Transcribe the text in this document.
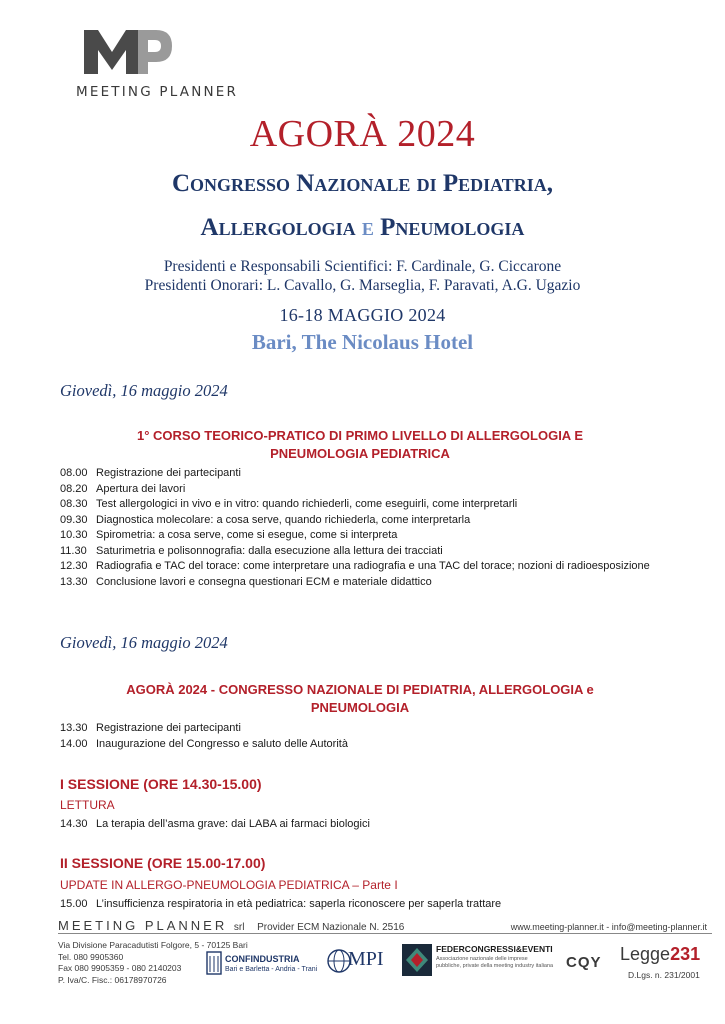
MEETING PLANNER
AGORÀ 2024
Congresso Nazionale di Pediatria,
Allergologia e Pneumologia
Presidenti e Responsabili Scientifici: F. Cardinale, G. Ciccarone
Presidenti Onorari: L. Cavallo, G. Marseglia, F. Paravati, A.G. Ugazio
16-18 MAGGIO 2024
Bari, The Nicolaus Hotel
Giovedì, 16 maggio 2024
1° CORSO TEORICO-PRATICO DI PRIMO LIVELLO DI ALLERGOLOGIA E
PNEUMOLOGIA PEDIATRICA
08.00 Registrazione dei partecipanti
08.20 Apertura dei lavori
08.30 Test allergologici in vivo e in vitro: quando richiederli, come eseguirli, come interpretarli
09.30 Diagnostica molecolare: a cosa serve, quando richiederla, come interpretarla
10.30 Spirometria: a cosa serve, come si esegue, come si interpreta
11.30 Saturimetria e polisonnografia: dalla esecuzione alla lettura dei tracciati
12.30 Radiografia e TAC del torace: come interpretare una radiografia e una TAC del torace; nozioni di radioesposizione
13.30 Conclusione lavori e consegna questionari ECM e materiale didattico
Giovedì, 16 maggio 2024
AGORÀ 2024 - CONGRESSO NAZIONALE DI PEDIATRIA, ALLERGOLOGIA e
PNEUMOLOGIA
13.30 Registrazione dei partecipanti
14.00 Inaugurazione del Congresso e saluto delle Autorità
I SESSIONE (ORE 14.30-15.00)
LETTURA
14.30 La terapia dell’asma grave: dai LABA ai farmaci biologici
II SESSIONE (ORE 15.00-17.00)
UPDATE IN ALLERGO-PNEUMOLOGIA PEDIATRICA – Parte I
15.00 L’insufficienza respiratoria in età pediatrica: saperla riconoscere per saperla trattare
MEETING PLANNER srl Provider ECM Nazionale N. 2516	www.meeting-planner.it - info@meeting-planner.it
Via Divisione Paracadutisti Folgore, 5 - 70125 Bari
Tel. 080 9905360
Fax 080 9905359 - 080 2140203
P. Iva/C. Fisc.: 06178970726
CONFINDUSTRIA
Bari e Barletta - Andria - Trani MPI	FEDERCONGRESSI&EVENTI
Associazione nazionale delle imprese pubbliche, private della meeting industry italiana CQY Legge231
D.Lgs. n. 231/2001
